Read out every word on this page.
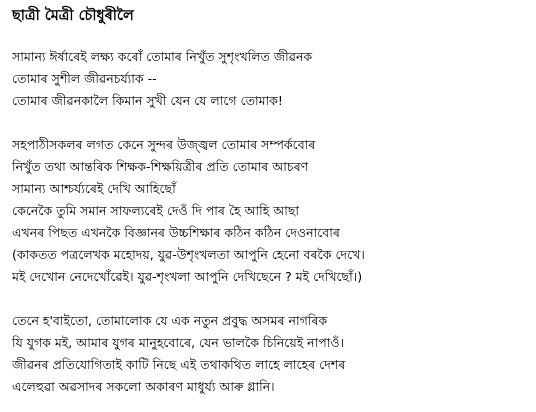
ছাত্ৰী মৈত্ৰী চৌধুৰীলৈ
সামান্য ঈৰ্ষাৰেই লক্ষ্য কৰোঁ তোমাৰ নিখুঁত সুশৃংখলিত জীৱনক
তোমাৰ সুশীল জীৱনচৰ্য্যাক --
তোমাৰ জীৱনকালৈ কিমান সুখী যেন যে লাগে তোমাক!
সহপাঠীসকলৰ লগত কেনে সুন্দৰ উজ্জ্বল তোমাৰ সম্পৰ্কবোৰ
নিখুঁত তথা আন্তৰিক শিক্ষক-শিক্ষয়িত্ৰীৰ প্ৰতি তোমাৰ আচৰণ
সামান্য আশ্চৰ্য্যৰেই দেখি আহিছোঁ
কেনেকৈ তুমি সমান সাফল্যৰেই দেওঁ দি পাৰ হৈ আহি আছা
এখনৰ পিছত এখনকৈ বিজ্ঞানৰ উচ্চশিক্ষাৰ কঠিন কঠিন দেওনাবোৰ
(কাকতত পত্ৰলেখক মহোদয়, যুৱ-উশৃংখলতা আপুনি হেনো বৰকৈ দেখে।
মই দেখোন নেদেখোঁৱেই। যুৱ-শৃংখলা আপুনি দেখিছেনে ? মই দেখিছোঁ।)
তেনে হ'বাইতো, তোমালোক যে এক নতুন প্ৰবুদ্ধ অসমৰ নাগৰিক
যি যুগক মই, আমাৰ যুগৰ মানুহবোৰে, যেন ভালকৈ চিনিয়েই নাপাওঁ।
জীৱনৰ প্ৰতিযোগিতাই কাটি নিছে এই তথাকথিত লাহে লাহেৰ দেশৰ
এলেহুৱা অৱসাদৰ সকলো অকাৰণ মাধুৰ্য্য আৰু গ্লানি।
